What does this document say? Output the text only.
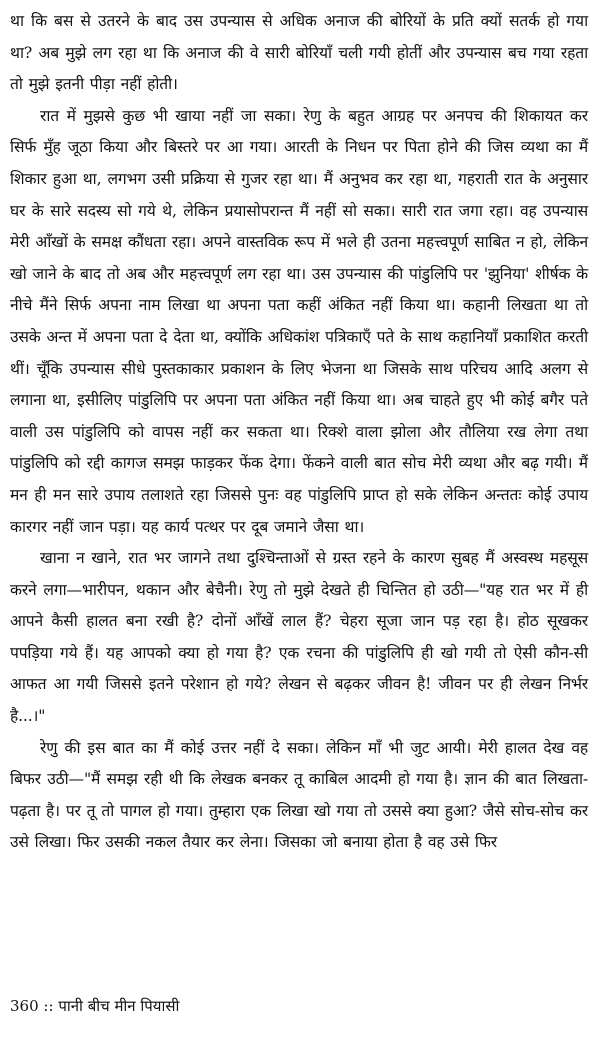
था कि बस से उतरने के बाद उस उपन्यास से अधिक अनाज की बोरियों के प्रति क्यों सतर्क हो गया था? अब मुझे लग रहा था कि अनाज की वे सारी बोरियाँ चली गयी होतीं और उपन्यास बच गया रहता तो मुझे इतनी पीड़ा नहीं होती।

रात में मुझसे कुछ भी खाया नहीं जा सका। रेणु के बहुत आग्रह पर अनपच की शिकायत कर सिर्फ मुँह जूठा किया और बिस्तरे पर आ गया। आरती के निधन पर पिता होने की जिस व्यथा का मैं शिकार हुआ था, लगभग उसी प्रक्रिया से गुजर रहा था। मैं अनुभव कर रहा था, गहराती रात के अनुसार घर के सारे सदस्य सो गये थे, लेकिन प्रयासोपरान्त मैं नहीं सो सका। सारी रात जगा रहा। वह उपन्यास मेरी आँखों के समक्ष कौंधता रहा। अपने वास्तविक रूप में भले ही उतना महत्त्वपूर्ण साबित न हो, लेकिन खो जाने के बाद तो अब और महत्त्वपूर्ण लग रहा था। उस उपन्यास की पांडुलिपि पर 'झुनिया' शीर्षक के नीचे मैंने सिर्फ अपना नाम लिखा था अपना पता कहीं अंकित नहीं किया था। कहानी लिखता था तो उसके अन्त में अपना पता दे देता था, क्योंकि अधिकांश पत्रिकाएँ पते के साथ कहानियाँ प्रकाशित करती थीं। चूँकि उपन्यास सीधे पुस्तकाकार प्रकाशन के लिए भेजना था जिसके साथ परिचय आदि अलग से लगाना था, इसीलिए पांडुलिपि पर अपना पता अंकित नहीं किया था। अब चाहते हुए भी कोई बगैर पते वाली उस पांडुलिपि को वापस नहीं कर सकता था। रिक्शे वाला झोला और तौलिया रख लेगा तथा पांडुलिपि को रद्दी कागज समझ फाड़कर फेंक देगा। फेंकने वाली बात सोच मेरी व्यथा और बढ़ गयी। मैं मन ही मन सारे उपाय तलाशते रहा जिससे पुनः वह पांडुलिपि प्राप्त हो सके लेकिन अन्ततः कोई उपाय कारगर नहीं जान पड़ा। यह कार्य पत्थर पर दूब जमाने जैसा था।

खाना न खाने, रात भर जागने तथा दुश्चिन्ताओं से ग्रस्त रहने के कारण सुबह मैं अस्वस्थ महसूस करने लगा—भारीपन, थकान और बेचैनी। रेणु तो मुझे देखते ही चिन्तित हो उठी—"यह रात भर में ही आपने कैसी हालत बना रखी है? दोनों आँखें लाल हैं? चेहरा सूजा जान पड़ रहा है। होठ सूखकर पपड़िया गये हैं। यह आपको क्या हो गया है? एक रचना की पांडुलिपि ही खो गयी तो ऐसी कौन-सी आफत आ गयी जिससे इतने परेशान हो गये? लेखन से बढ़कर जीवन है! जीवन पर ही लेखन निर्भर है...।"

रेणु की इस बात का मैं कोई उत्तर नहीं दे सका। लेकिन माँ भी जुट आयी। मेरी हालत देख वह बिफर उठी—"मैं समझ रही थी कि लेखक बनकर तू काबिल आदमी हो गया है। ज्ञान की बात लिखता-पढ़ता है। पर तू तो पागल हो गया। तुम्हारा एक लिखा खो गया तो उससे क्या हुआ? जैसे सोच-सोच कर उसे लिखा। फिर उसकी नकल तैयार कर लेना। जिसका जो बनाया होता है वह उसे फिर

360 :: पानी बीच मीन पियासी
